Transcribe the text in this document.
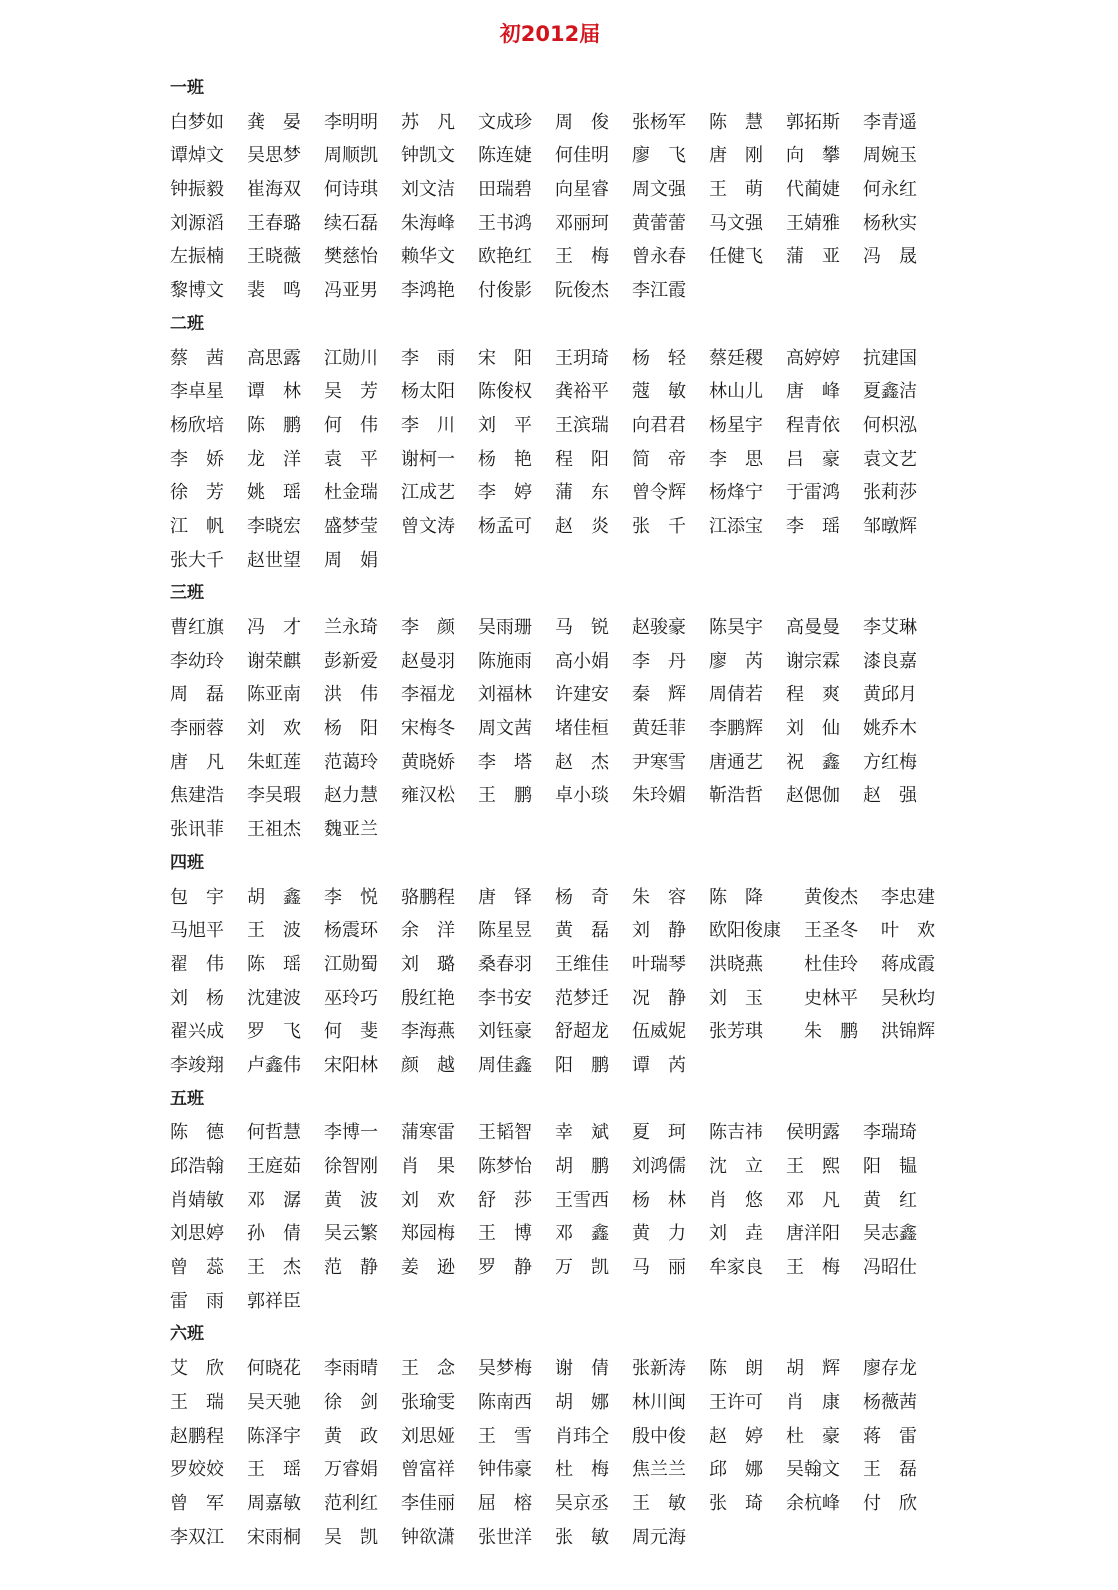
初2012届
一班
白梦如 龚　晏 李明明 苏　凡 文成珍 周　俊 张杨军 陈　慧 郭拓斯 李青遥
谭焯文 吴思梦 周顺凯 钟凯文 陈连婕 何佳明 廖　飞 唐　刚 向　攀 周婉玉
钟振毅 崔海双 何诗琪 刘文洁 田瑞碧 向星睿 周文强 王　萌 代蔺婕 何永红
刘源滔 王春璐 续石磊 朱海峰 王书鸿 邓丽珂 黄蕾蕾 马文强 王婧雅 杨秋实
左振楠 王晓薇 樊慈怡 赖华文 欧艳红 王　梅 曾永春 任健飞 蒲　亚 冯　晟
黎博文 裴　鸣 冯亚男 李鸿艳 付俊影 阮俊杰 李江霞
二班
蔡　茜 高思露 江勋川 李　雨 宋　阳 王玥琦 杨　轻 蔡廷稷 高婷婷 抗建国
李卓星 谭　林 吴　芳 杨太阳 陈俊权 龚裕平 蔻　敏 林山儿 唐　峰 夏鑫洁
杨欣培 陈　鹏 何　伟 李　川 刘　平 王滨瑞 向君君 杨星宇 程青依 何枳泓
李　娇 龙　洋 袁　平 谢柯一 杨　艳 程　阳 简　帝 李　思 吕　豪 袁文艺
徐　芳 姚　瑶 杜金瑞 江成艺 李　婷 蒲　东 曾令辉 杨烽宁 于雷鸿 张莉莎
江　帆 李晓宏 盛梦莹 曾文涛 杨孟可 赵　炎 张　千 江添宝 李　瑶 邹暾辉
张大千 赵世望 周　娟
三班
曹红旗 冯　才 兰永琦 李　颜 吴雨珊 马　锐 赵骏豪 陈昊宇 高曼曼 李艾琳
李幼玲 谢荣麒 彭新爱 赵曼羽 陈施雨 高小娟 李　丹 廖　芮 谢宗霖 漆良嘉
周　磊 陈亚南 洪　伟 李福龙 刘福林 许建安 秦　辉 周倩若 程　爽 黄邱月
李丽蓉 刘　欢 杨　阳 宋梅冬 周文茜 堵佳桓 黄廷菲 李鹏辉 刘　仙 姚乔木
唐　凡 朱虹莲 范蔼玲 黄晓娇 李　塔 赵　杰 尹寒雪 唐通艺 祝　鑫 方红梅
焦建浩 李吴瑕 赵力慧 雍汉松 王　鹏 卓小琰 朱玲媚 靳浩哲 赵偲伽 赵　强
张讯菲 王祖杰 魏亚兰
四班
包　宇 胡　鑫 李　悦 骆鹏程 唐　铎 杨　奇 朱　容 陈　降 黄俊杰 李忠建
马旭平 王　波 杨震环 余　洋 陈星昱 黄　磊 刘　静 欧阳俊康 王圣冬 叶　欢
翟　伟 陈　瑶 江勋蜀 刘　璐 桑春羽 王维佳 叶瑞琴 洪晓燕 杜佳玲 蒋成霞
刘　杨 沈建波 巫玲巧 殷红艳 李书安 范梦迁 况　静 刘　玉 史林平 吴秋均
翟兴成 罗　飞 何　斐 李海燕 刘钰豪 舒超龙 伍威妮 张芳琪 朱　鹏 洪锦辉
李竣翔 卢鑫伟 宋阳林 颜　越 周佳鑫 阳　鹏 谭　芮
五班
陈　德 何哲慧 李博一 蒲寒雷 王韬智 幸　斌 夏　珂 陈吉祎 侯明露 李瑞琦
邱浩翰 王庭茹 徐智刚 肖　果 陈梦怡 胡　鹏 刘鸿儒 沈　立 王　熙 阳　韫
肖婧敏 邓　潺 黄　波 刘　欢 舒　莎 王雪西 杨　林 肖　悠 邓　凡 黄　红
刘思婷 孙　倩 吴云繁 郑园梅 王　博 邓　鑫 黄　力 刘　垚 唐洋阳 吴志鑫
曾　蕊 王　杰 范　静 姜　逊 罗　静 万　凯 马　丽 牟家良 王　梅 冯昭仕
雷　雨 郭祥臣
六班
艾　欣 何晓花 李雨晴 王　念 吴梦梅 谢　倩 张新涛 陈　朗 胡　辉 廖存龙
王　瑞 吴天驰 徐　剑 张瑜雯 陈南西 胡　娜 林川闽 王许可 肖　康 杨薇茜
赵鹏程 陈泽宇 黄　政 刘思娅 王　雪 肖玮仝 殷中俊 赵　婷 杜　豪 蒋　雷
罗姣姣 王　瑶 万睿娟 曾富祥 钟伟豪 杜　梅 焦兰兰 邱　娜 吴翰文 王　磊
曾　军 周嘉敏 范利红 李佳丽 屈　榕 吴京丞 王　敏 张　琦 余杭峰 付　欣
李双江 宋雨桐 吴　凯 钟欲潇 张世洋 张　敏 周元海
